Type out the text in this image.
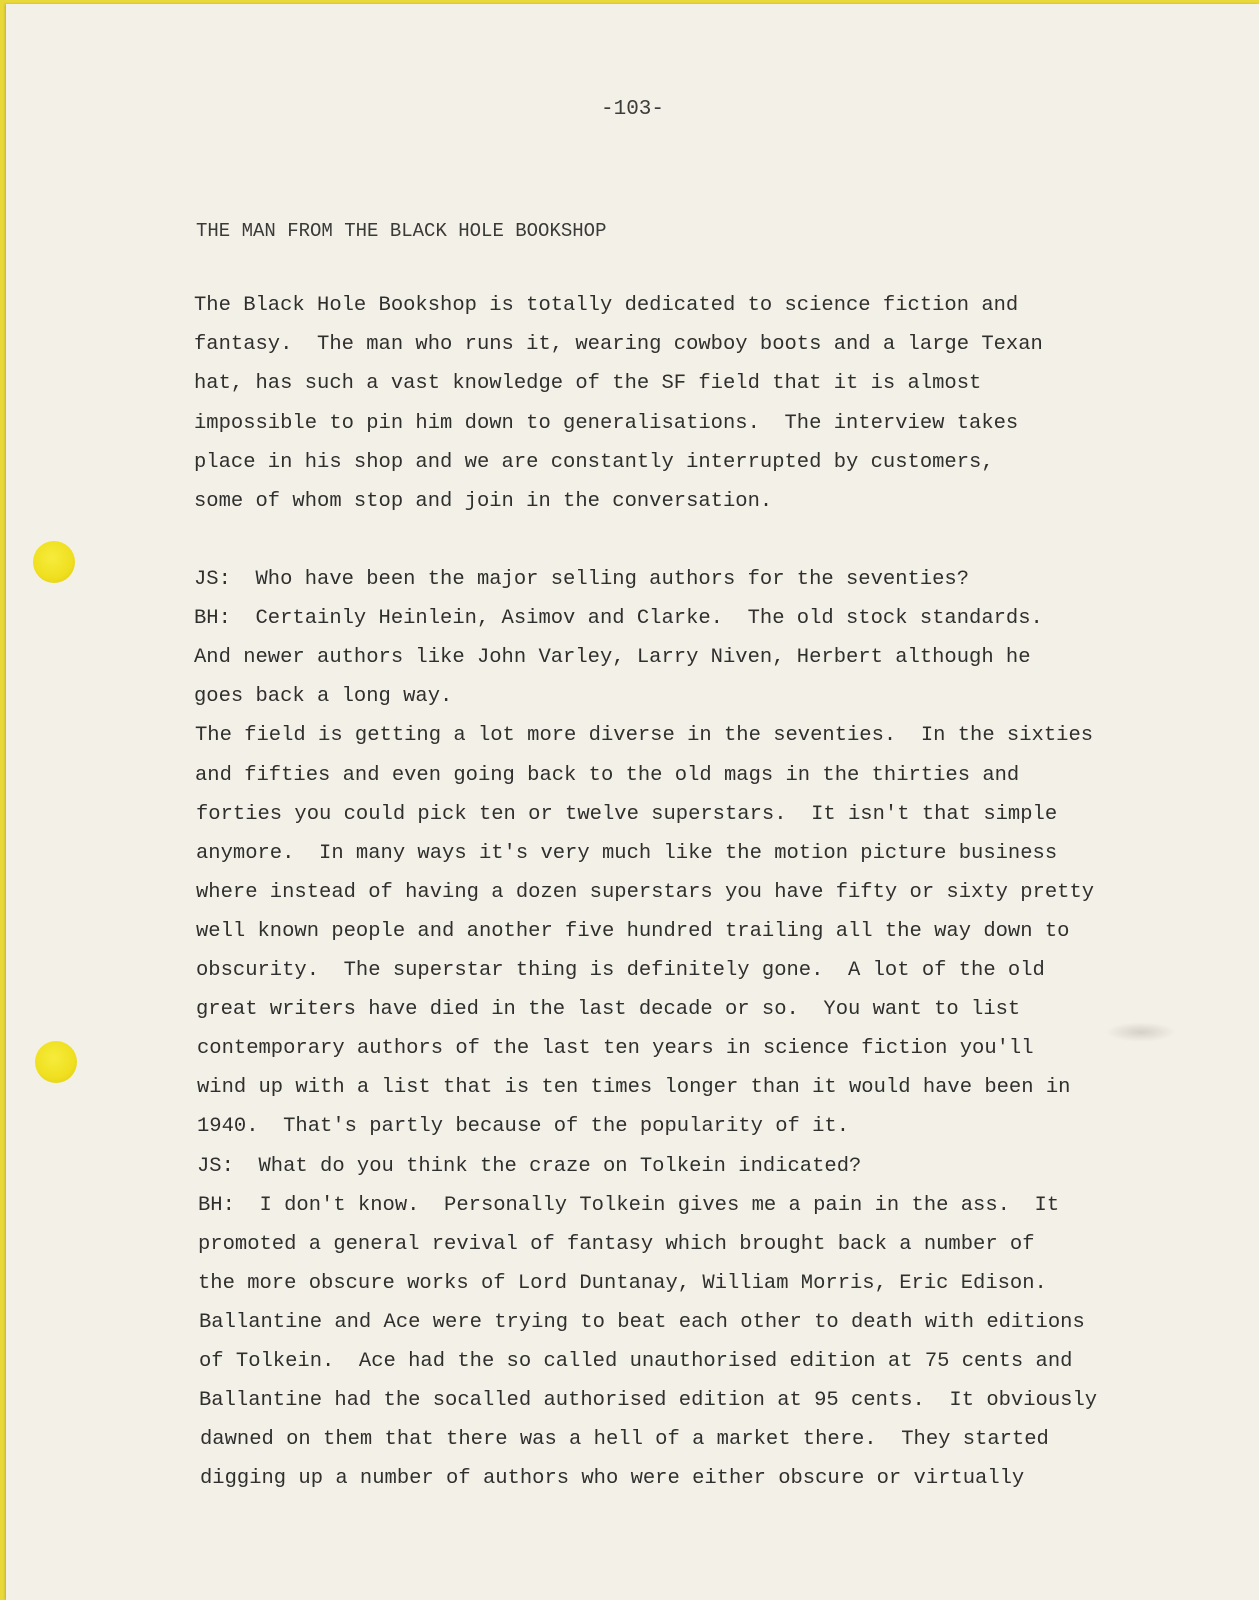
-103-
THE MAN FROM THE BLACK HOLE BOOKSHOP
The Black Hole Bookshop is totally dedicated to science fiction and
fantasy.  The man who runs it, wearing cowboy boots and a large Texan
hat, has such a vast knowledge of the SF field that it is almost
impossible to pin him down to generalisations.  The interview takes
place in his shop and we are constantly interrupted by customers,
some of whom stop and join in the conversation.
JS:  Who have been the major selling authors for the seventies?
BH:  Certainly Heinlein, Asimov and Clarke.  The old stock standards.
And newer authors like John Varley, Larry Niven, Herbert although he
goes back a long way.
The field is getting a lot more diverse in the seventies.  In the sixties
and fifties and even going back to the old mags in the thirties and
forties you could pick ten or twelve superstars.  It isn't that simple
anymore.  In many ways it's very much like the motion picture business
where instead of having a dozen superstars you have fifty or sixty pretty
well known people and another five hundred trailing all the way down to
obscurity.  The superstar thing is definitely gone.  A lot of the old
great writers have died in the last decade or so.  You want to list
contemporary authors of the last ten years in science fiction you'll
wind up with a list that is ten times longer than it would have been in
1940.  That's partly because of the popularity of it.
JS:  What do you think the craze on Tolkein indicated?
BH:  I don't know.  Personally Tolkein gives me a pain in the ass.  It
promoted a general revival of fantasy which brought back a number of
the more obscure works of Lord Duntanay, William Morris, Eric Edison.
Ballantine and Ace were trying to beat each other to death with editions
of Tolkein.  Ace had the so called unauthorised edition at 75 cents and
Ballantine had the socalled authorised edition at 95 cents.  It obviously
dawned on them that there was a hell of a market there.  They started
digging up a number of authors who were either obscure or virtually
